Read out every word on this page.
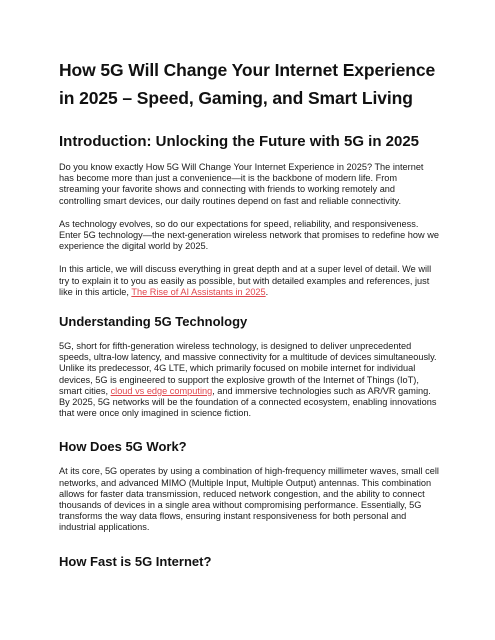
How 5G Will Change Your Internet Experience in 2025 – Speed, Gaming, and Smart Living
Introduction: Unlocking the Future with 5G in 2025

Do you know exactly How 5G Will Change Your Internet Experience in 2025? The internet has become more than just a convenience—it is the backbone of modern life. From streaming your favorite shows and connecting with friends to working remotely and controlling smart devices, our daily routines depend on fast and reliable connectivity.

As technology evolves, so do our expectations for speed, reliability, and responsiveness. Enter 5G technology—the next-generation wireless network that promises to redefine how we experience the digital world by 2025.

In this article, we will discuss everything in great depth and at a super level of detail. We will try to explain it to you as easily as possible, but with detailed examples and references, just like in this article, The Rise of AI Assistants in 2025.

Understanding 5G Technology

5G, short for fifth-generation wireless technology, is designed to deliver unprecedented speeds, ultra-low latency, and massive connectivity for a multitude of devices simultaneously. Unlike its predecessor, 4G LTE, which primarily focused on mobile internet for individual devices, 5G is engineered to support the explosive growth of the Internet of Things (IoT), smart cities, cloud vs edge computing, and immersive technologies such as AR/VR gaming. By 2025, 5G networks will be the foundation of a connected ecosystem, enabling innovations that were once only imagined in science fiction.

How Does 5G Work?

At its core, 5G operates by using a combination of high-frequency millimeter waves, small cell networks, and advanced MIMO (Multiple Input, Multiple Output) antennas. This combination allows for faster data transmission, reduced network congestion, and the ability to connect thousands of devices in a single area without compromising performance. Essentially, 5G transforms the way data flows, ensuring instant responsiveness for both personal and industrial applications.

How Fast is 5G Internet?
